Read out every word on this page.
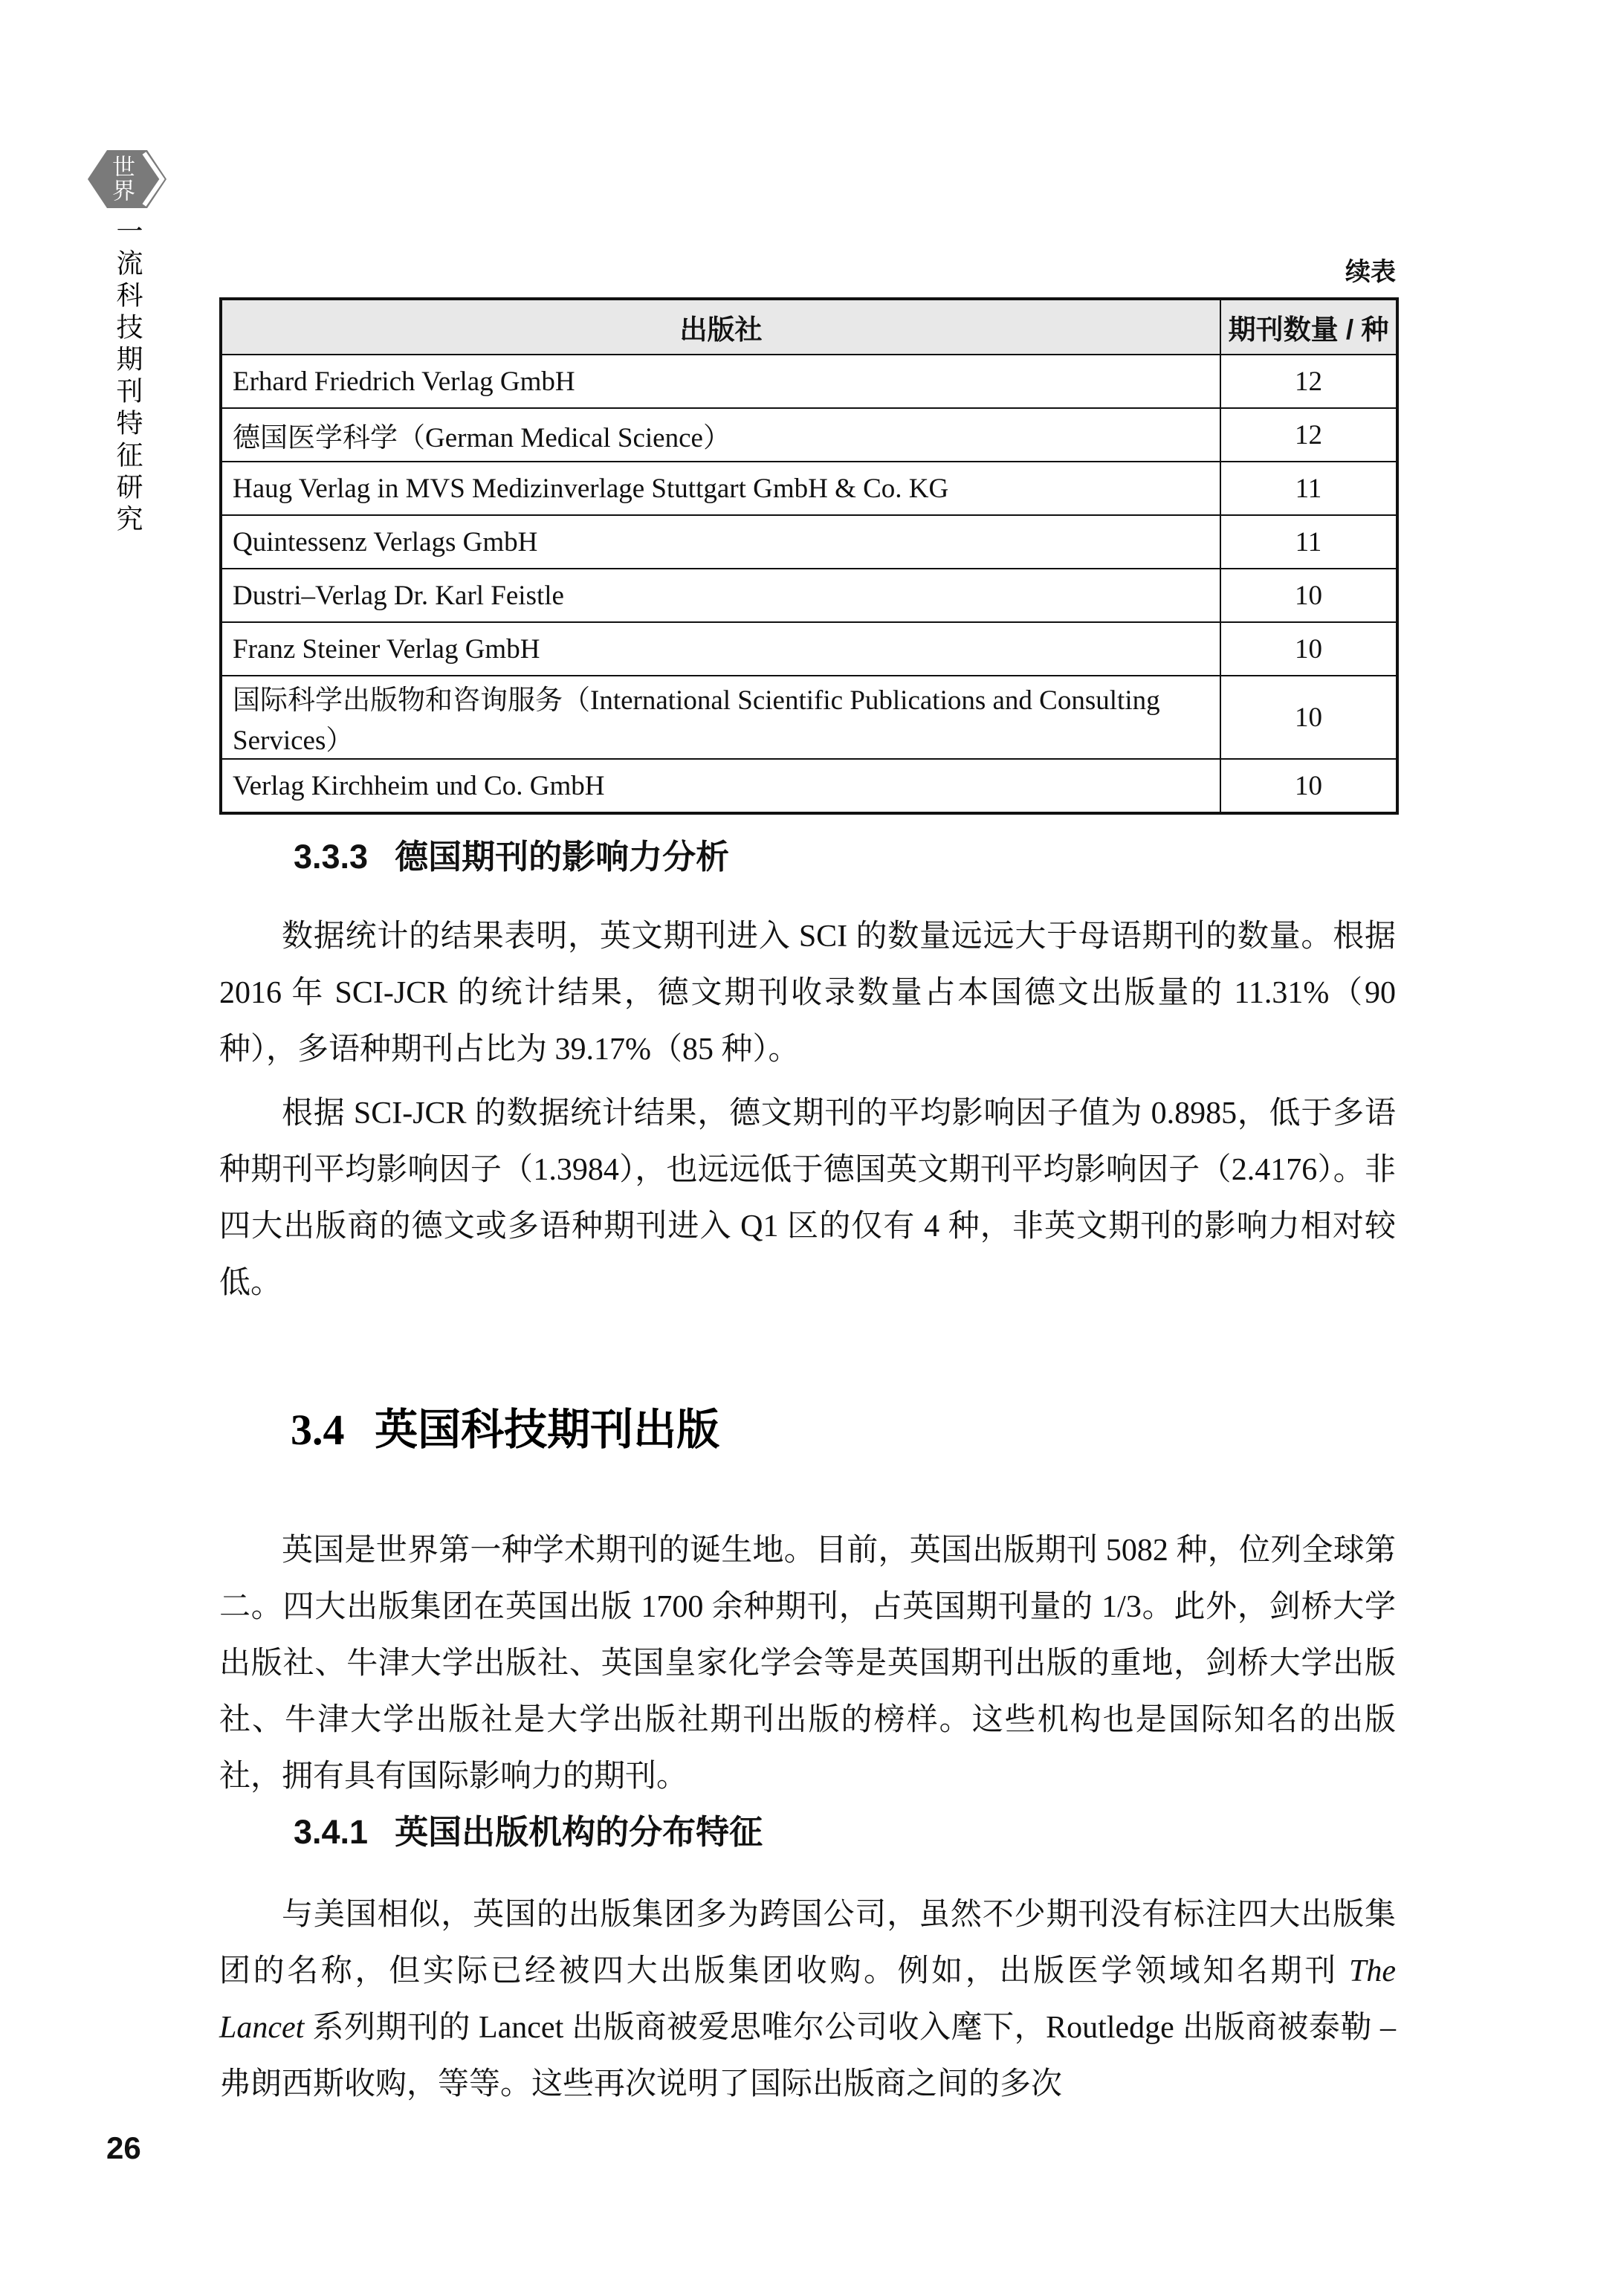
世界
一流科技期刊特征研究	续表
出版社	期刊数量 / 种
Erhard Friedrich Verlag GmbH	12
德国医学科学（German Medical Science）	12
Haug Verlag in MVS Medizinverlage Stuttgart GmbH & Co. KG	11
Quintessenz Verlags GmbH	11
Dustri–Verlag Dr. Karl Feistle	10
Franz Steiner Verlag GmbH	10
国际科学出版物和咨询服务（International Scientific Publications and Consulting Services）	10
Verlag Kirchheim und Co. GmbH	10
3.3.3 德国期刊的影响力分析

数据统计的结果表明，英文期刊进入 SCI 的数量远远大于母语期刊的数量。根据 2016 年 SCI-JCR 的统计结果，德文期刊收录数量占本国德文出版量的 11.31%（90 种），多语种期刊占比为 39.17%（85 种）。

根据 SCI-JCR 的数据统计结果，德文期刊的平均影响因子值为 0.8985，低于多语种期刊平均影响因子（1.3984），也远远低于德国英文期刊平均影响因子（2.4176）。非四大出版商的德文或多语种期刊进入 Q1 区的仅有 4 种，非英文期刊的影响力相对较低。

3.4 英国科技期刊出版

英国是世界第一种学术期刊的诞生地。目前，英国出版期刊 5082 种，位列全球第二。四大出版集团在英国出版 1700 余种期刊，占英国期刊量的 1/3。此外，剑桥大学出版社、牛津大学出版社、英国皇家化学会等是英国期刊出版的重地，剑桥大学出版社、牛津大学出版社是大学出版社期刊出版的榜样。这些机构也是国际知名的出版社，拥有具有国际影响力的期刊。

3.4.1 英国出版机构的分布特征

与美国相似，英国的出版集团多为跨国公司，虽然不少期刊没有标注四大出版集团的名称，但实际已经被四大出版集团收购。例如，出版医学领域知名期刊 The Lancet 系列期刊的 Lancet 出版商被爱思唯尔公司收入麾下，Routledge 出版商被泰勒 – 弗朗西斯收购，等等。这些再次说明了国际出版商之间的多次

26
